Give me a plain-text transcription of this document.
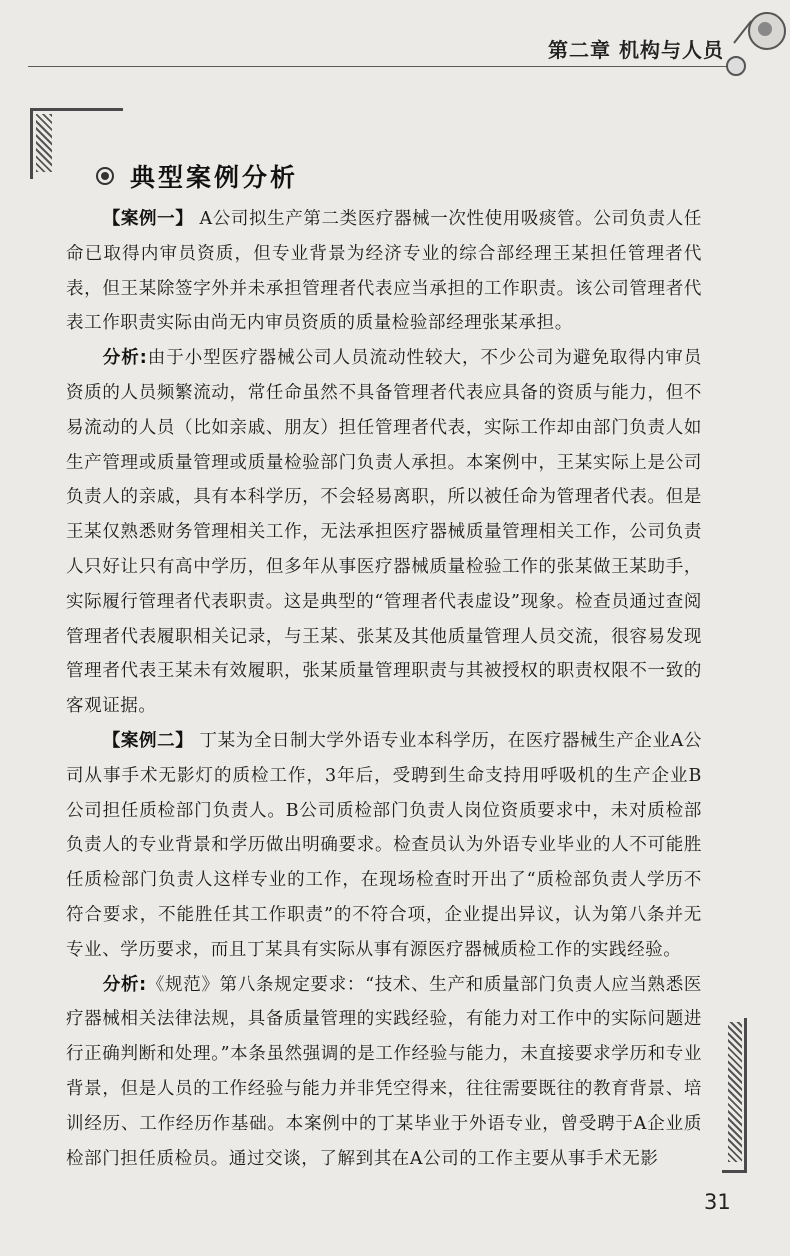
第二章 机构与人员
典型案例分析

【案例一】 A公司拟生产第二类医疗器械一次性使用吸痰管。公司负责人任命已取得内审员资质，但专业背景为经济专业的综合部经理王某担任管理者代表，但王某除签字外并未承担管理者代表应当承担的工作职责。该公司管理者代表工作职责实际由尚无内审员资质的质量检验部经理张某承担。

分析:由于小型医疗器械公司人员流动性较大，不少公司为避免取得内审员资质的人员频繁流动，常任命虽然不具备管理者代表应具备的资质与能力，但不易流动的人员（比如亲戚、朋友）担任管理者代表，实际工作却由部门负责人如生产管理或质量管理或质量检验部门负责人承担。本案例中，王某实际上是公司负责人的亲戚，具有本科学历，不会轻易离职，所以被任命为管理者代表。但是王某仅熟悉财务管理相关工作，无法承担医疗器械质量管理相关工作，公司负责人只好让只有高中学历，但多年从事医疗器械质量检验工作的张某做王某助手，实际履行管理者代表职责。这是典型的“管理者代表虚设”现象。检查员通过查阅管理者代表履职相关记录，与王某、张某及其他质量管理人员交流，很容易发现管理者代表王某未有效履职，张某质量管理职责与其被授权的职责权限不一致的客观证据。

【案例二】 丁某为全日制大学外语专业本科学历，在医疗器械生产企业A公司从事手术无影灯的质检工作，3年后，受聘到生命支持用呼吸机的生产企业B公司担任质检部门负责人。B公司质检部门负责人岗位资质要求中，未对质检部负责人的专业背景和学历做出明确要求。检查员认为外语专业毕业的人不可能胜任质检部门负责人这样专业的工作，在现场检查时开出了“质检部负责人学历不符合要求，不能胜任其工作职责”的不符合项，企业提出异议，认为第八条并无专业、学历要求，而且丁某具有实际从事有源医疗器械质检工作的实践经验。

分析:《规范》第八条规定要求：“技术、生产和质量部门负责人应当熟悉医疗器械相关法律法规，具备质量管理的实践经验，有能力对工作中的实际问题进行正确判断和处理。”本条虽然强调的是工作经验与能力，未直接要求学历和专业背景，但是人员的工作经验与能力并非凭空得来，往往需要既往的教育背景、培训经历、工作经历作基础。本案例中的丁某毕业于外语专业，曾受聘于A企业质检部门担任质检员。通过交谈，了解到其在A公司的工作主要从事手术无影

31
